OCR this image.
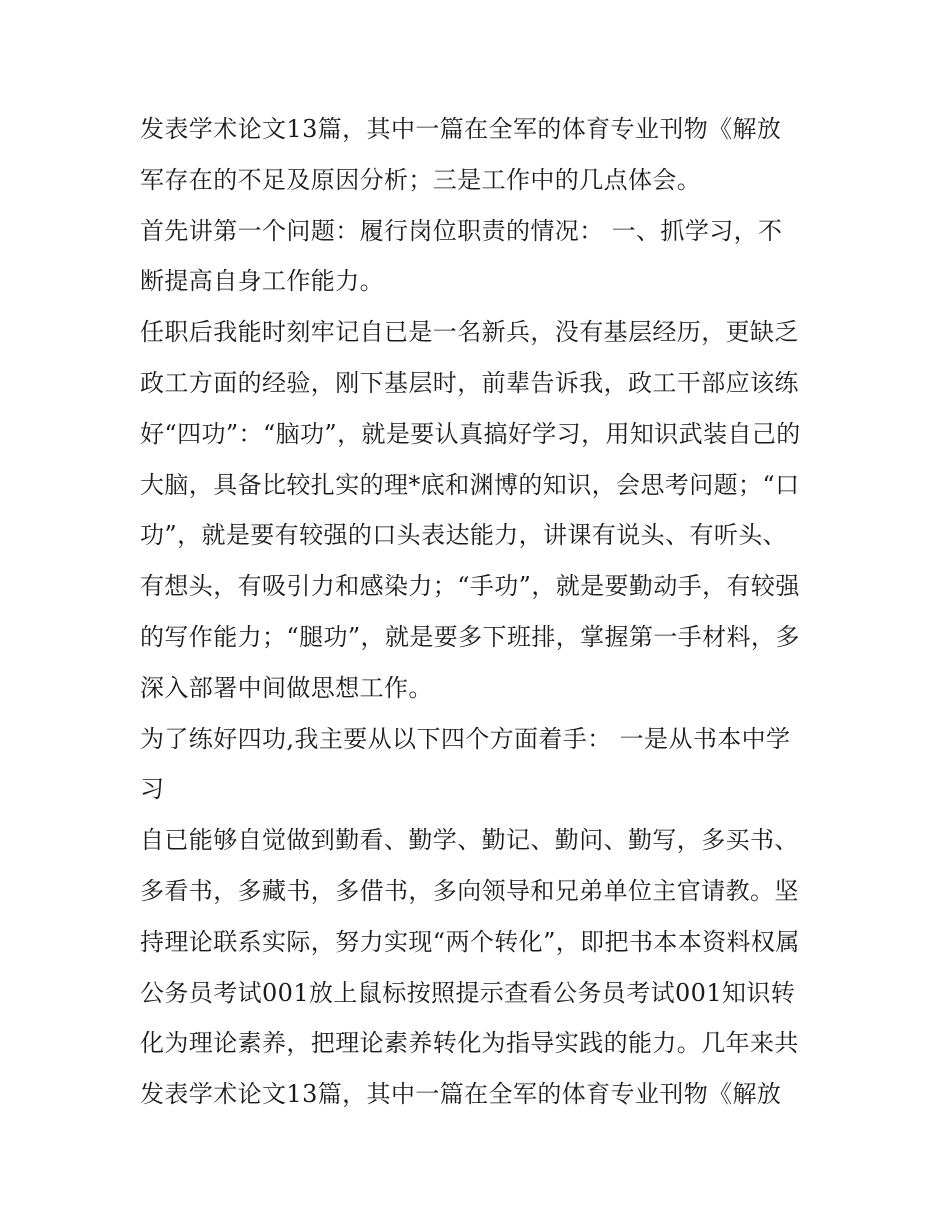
发表学术论文13篇，其中一篇在全军的体育专业刊物《解放
军存在的不足及原因分析；三是工作中的几点体会。
首先讲第一个问题：履行岗位职责的情况： 一、抓学习，不
断提高自身工作能力。
任职后我能时刻牢记自已是一名新兵，没有基层经历，更缺乏
政工方面的经验，刚下基层时，前辈告诉我，政工干部应该练
好“四功”：“脑功”，就是要认真搞好学习，用知识武装自己的
大脑，具备比较扎实的理*底和渊博的知识，会思考问题；“口
功”，就是要有较强的口头表达能力，讲课有说头、有听头、
有想头，有吸引力和感染力；“手功”，就是要勤动手，有较强
的写作能力；“腿功”，就是要多下班排，掌握第一手材料，多
深入部署中间做思想工作。
为了练好四功,我主要从以下四个方面着手： 一是从书本中学
习
自已能够自觉做到勤看、勤学、勤记、勤问、勤写，多买书、
多看书，多藏书，多借书，多向领导和兄弟单位主官请教。坚
持理论联系实际，努力实现“两个转化”，即把书本本资料权属
公务员考试001放上鼠标按照提示查看公务员考试001知识转
化为理论素养，把理论素养转化为指导实践的能力。几年来共
发表学术论文13篇，其中一篇在全军的体育专业刊物《解放
